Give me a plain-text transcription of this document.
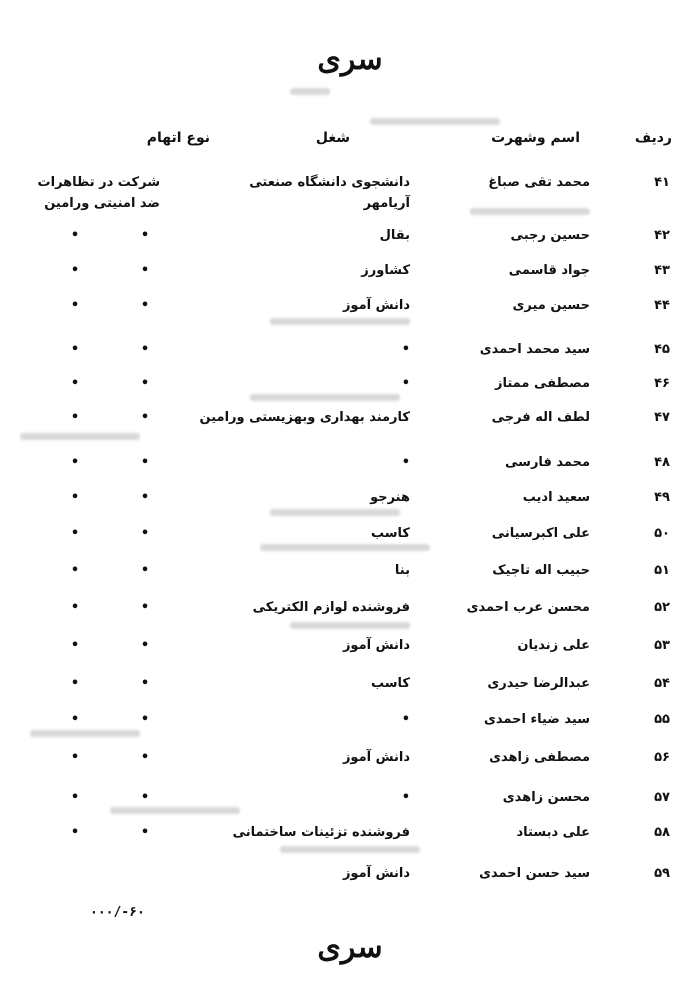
سری
ردیف
اسم وشهرت
شغل
نوع اتهام
۴۱
محمد تقی صباغ
دانشجوی دانشگاه صنعتی
شرکت در تظاهرات
آریامهر
ضد امنیتی ورامین
۴۲
حسین رجبی
بقال
•
•
۴۳
جواد قاسمی
کشاورز
•
•
۴۴
حسین میری
دانش آموز
•
•
۴۵
سید محمد احمدی
•
•
•
۴۶
مصطفی ممتاز
•
•
•
۴۷
لطف اله فرجی
کارمند بهداری وبهزیستی ورامین
•
•
۴۸
محمد فارسی
•
•
•
۴۹
سعید ادیب
هنرجو
•
•
۵۰
علی اکبرسیانی
کاسب
•
•
۵۱
حبیب اله تاجیک
بنا
•
•
۵۲
محسن عرب احمدی
فروشنده لوازم الکتریکی
•
•
۵۳
علی زندیان
دانش آموز
•
•
۵۴
عبدالرضا حیدری
کاسب
•
•
۵۵
سید ضیاء احمدی
•
•
•
۵۶
مصطفی زاهدی
دانش آموز
•
•
۵۷
محسن زاهدی
•
•
•
۵۸
علی دبستاد
فروشنده تزئینات ساختمانی
•
•
۵۹
سید حسن احمدی
دانش آموز
۰۰۰/-۶۰
سری
